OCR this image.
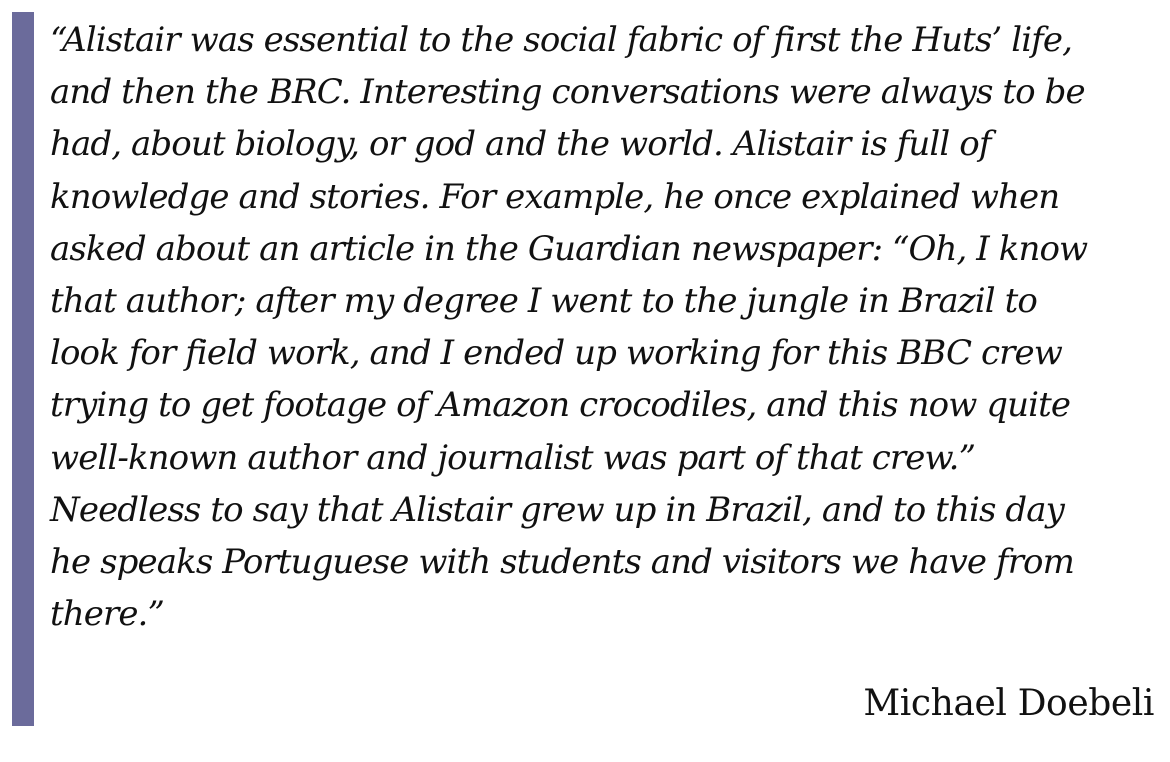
“Alistair was essential to the social fabric of first the Huts’ life,
and then the BRC. Interesting conversations were always to be
had, about biology, or god and the world. Alistair is full of
knowledge and stories. For example, he once explained when
asked about an article in the Guardian newspaper: “Oh, I know
that author; after my degree I went to the jungle in Brazil to
look for field work, and I ended up working for this BBC crew
trying to get footage of Amazon crocodiles, and this now quite
well-known author and journalist was part of that crew.”
Needless to say that Alistair grew up in Brazil, and to this day
he speaks Portuguese with students and visitors we have from
there.”

Michael Doebeli
